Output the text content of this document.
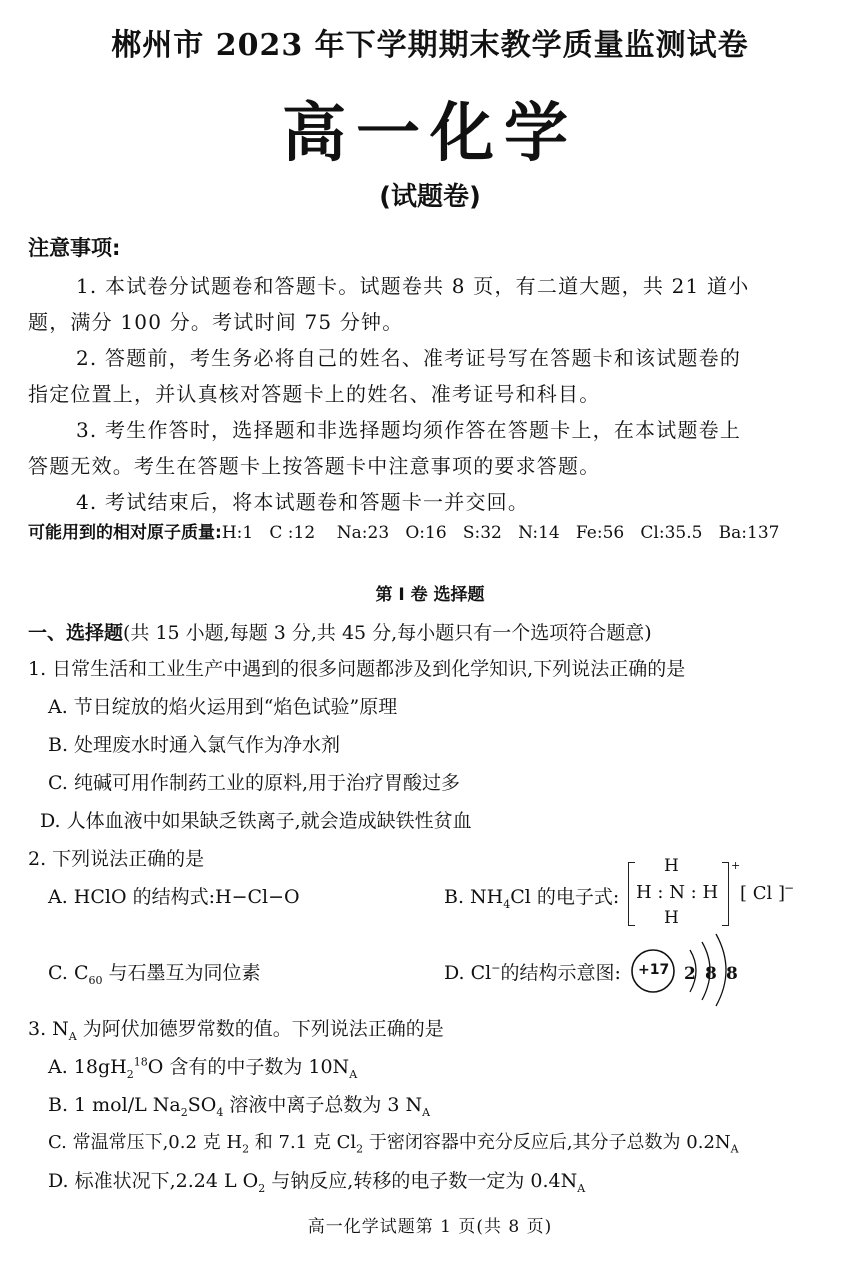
郴州市 2023 年下学期期末教学质量监测试卷
高一化学
(试题卷)
注意事项:
1. 本试卷分试题卷和答题卡。试题卷共 8 页，有二道大题，共 21 道小
题，满分 100 分。考试时间 75 分钟。
2. 答题前，考生务必将自己的姓名、准考证号写在答题卡和该试题卷的
指定位置上，并认真核对答题卡上的姓名、准考证号和科目。
3. 考生作答时，选择题和非选择题均须作答在答题卡上，在本试题卷上
答题无效。考生在答题卡上按答题卡中注意事项的要求答题。
4. 考试结束后，将本试题卷和答题卡一并交回。
可能用到的相对原子质量:H:1   C :12    Na:23   O:16   S:32   N:14   Fe:56   Cl:35.5   Ba:137
第 Ⅰ 卷 选择题
一、选择题(共 15 小题,每题 3 分,共 45 分,每小题只有一个选项符合题意)
1. 日常生活和工业生产中遇到的很多问题都涉及到化学知识,下列说法正确的是
A. 节日绽放的焰火运用到“焰色试验”原理
B. 处理废水时通入氯气作为净水剂
C. 纯碱可用作制药工业的原料,用于治疗胃酸过多
D. 人体血液中如果缺乏铁离子,就会造成缺铁性贫血
2. 下列说法正确的是
A. HClO 的结构式:H−Cl−O	B. $NH_4Cl$ 的电子式:
H
H : N : H
H
+
[ Cl ]
−
C. $C_{60}$ 与石墨互为同位素	D. Cl−的结构示意图: +17 2 8 8
3. $N_A$ 为阿伏加德罗常数的值。下列说法正确的是
A. $18gH_2^{18}O$ 含有的中子数为 $10N_A$
B. 1 mol/L $Na_2SO_4$ 溶液中离子总数为 3 $N_A$
C. 常温常压下,0.2 克 $H_2$ 和 7.1 克 $Cl_2$ 于密闭容器中充分反应后,其分子总数为 $0.2N_A$
D. 标准状况下,2.24 L $O_2$ 与钠反应,转移的电子数一定为 $0.4N_A$
高一化学试题第 1 页(共 8 页)
